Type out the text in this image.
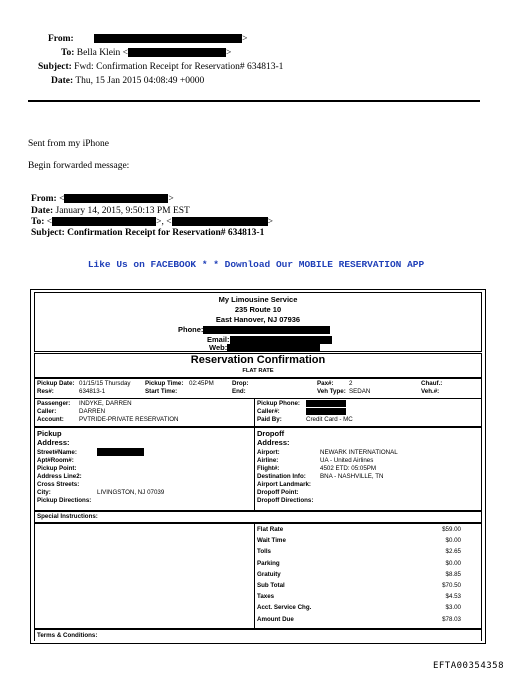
From:	>
To: Bella Klein <	>
Subject: Fwd: Confirmation Receipt for Reservation# 634813-1
Date: Thu, 15 Jan 2015 04:08:49 +0000
Sent from my iPhone
Begin forwarded message:
From: <	>
Date: January 14, 2015, 9:50:13 PM EST
To: <	>, <	>
Subject: Confirmation Receipt for Reservation# 634813-1
Like Us on FACEBOOK * * Download Our MOBILE RESERVATION APP
My Limousine Service
235 Route 10
East Hanover, NJ 07936
Phone:
Email:
Web:
Reservation Confirmation
FLAT RATE
Pickup Date: 01/15/15 Thursday Pickup Time: 02:45PM	Drop:	Pax#: 2	Chauf.:
Res#:	634813-1	Start Time:	End:	Veh Type: SEDAN	Veh.#:
Passenger: INDYKE, DARREN
Caller:	DARREN
Account: PVTRIDE-PRIVATE RESERVATION
Pickup Phone:
Caller#:
Paid By:	Credit Card - MC
Pickup
Address:
Street#Name:
Apt#Room#:
Pickup Point:
Address Line2:
Cross Streets:
City:	LIVINGSTON, NJ 07039
Pickup Directions:
Dropoff
Address:
Airport:	NEWARK INTERNATIONAL
Airline:	UA - United Airlines
Flight#:	4502 ETD: 05:05PM
Destination Info: BNA - NASHVILLE, TN
Airport Landmark:
Dropoff Point:
Dropoff Directions:
Special Instructions:
Flat Rate	$59.00
Wait Time	$0.00
Tolls	$2.65
Parking	$0.00
Gratuity	$8.85
Sub Total	$70.50
Taxes	$4.53
Acct. Service Chg.	$3.00
Amount Due	$78.03
Terms & Conditions:
EFTA00354358
